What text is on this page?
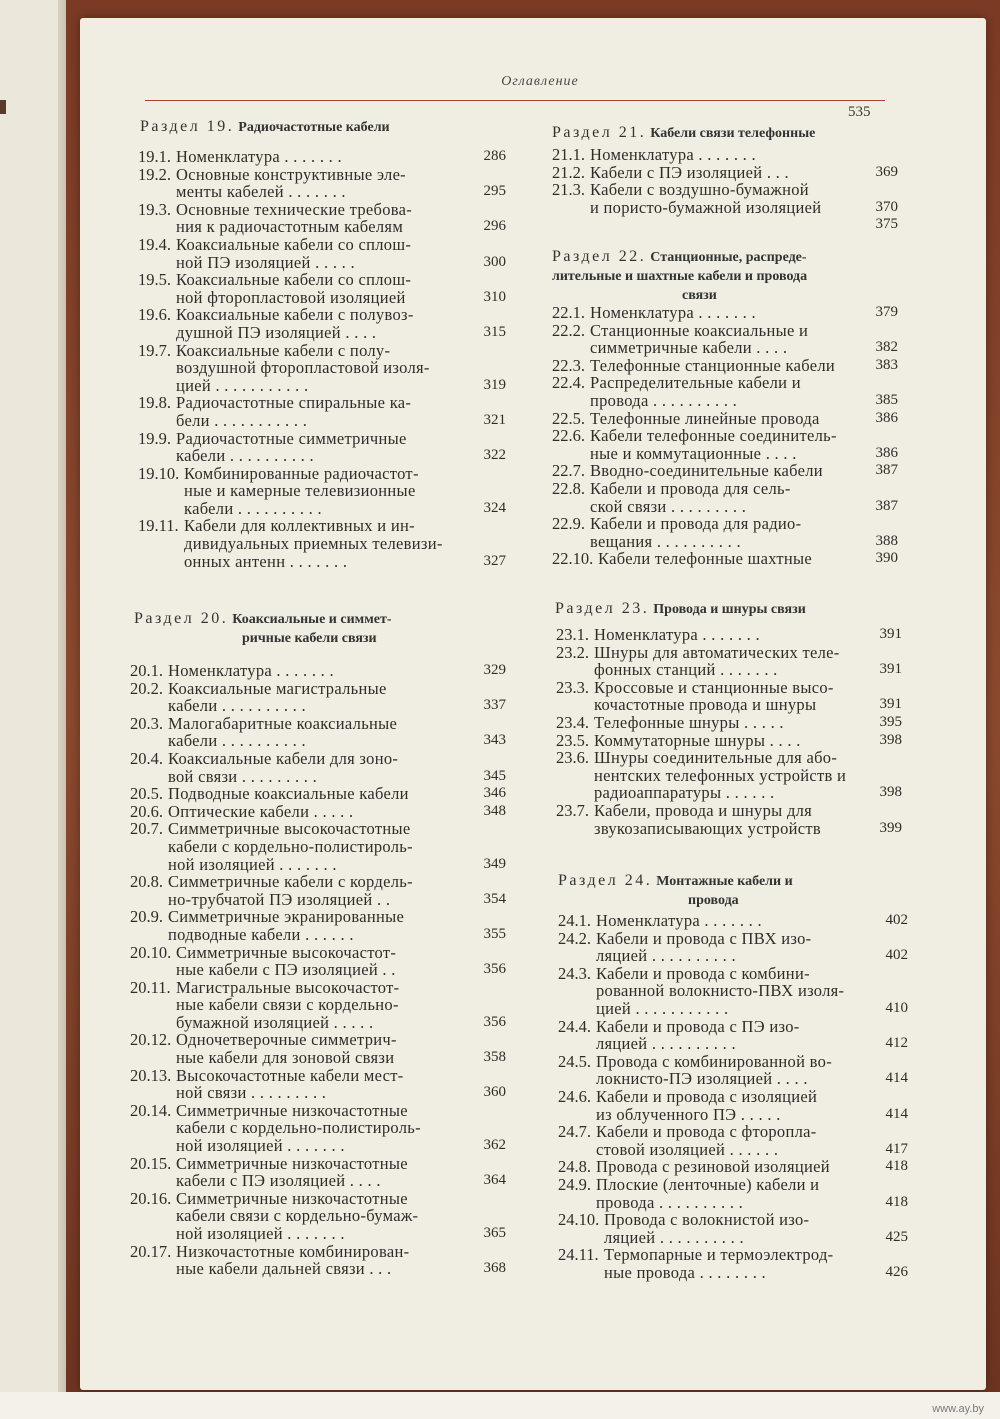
www.ay.by
Оглавление
535
Раздел 19. Радиочастотные кабели
Раздел 20. Коаксиальные и симмет-
ричные кабели связи
Раздел 21. Кабели связи телефонные
Раздел 22. Станционные, распреде-
лительные и шахтные кабели и провода
связи
Раздел 23. Провода и шнуры связи
Раздел 24. Монтажные кабели и
провода
19.1. Номенклатура . . . . . . .	286
19.2. Основные конструктивные эле-
менты кабелей . . . . . . .	295
19.3. Основные технические требова-
ния к радиочастотным кабелям	296
19.4. Коаксиальные кабели со сплош-
ной ПЭ изоляцией . . . . .	300
19.5. Коаксиальные кабели со сплош-
ной фторопластовой изоляцией	310
19.6. Коаксиальные кабели с полувоз-
душной ПЭ изоляцией . . . .	315
19.7. Коаксиальные кабели с полу-
воздушной фторопластовой изоля-
цией . . . . . . . . . . .	319
19.8. Радиочастотные спиральные ка-
бели . . . . . . . . . . .	321
19.9. Радиочастотные симметричные
кабели . . . . . . . . . .	322
19.10. Комбинированные радиочастот-
ные и камерные телевизионные
кабели . . . . . . . . . .	324
19.11. Кабели для коллективных и ин-
дивидуальных приемных телевизи-
онных антенн . . . . . . .	327
20.1. Номенклатура . . . . . . .	329
20.2. Коаксиальные магистральные
кабели . . . . . . . . . .	337
20.3. Малогабаритные коаксиальные
кабели . . . . . . . . . .	343
20.4. Коаксиальные кабели для зоно-
вой связи . . . . . . . . .	345
20.5. Подводные коаксиальные кабели	346
20.6. Оптические кабели . . . . .	348
20.7. Симметричные высокочастотные
кабели с кордельно-полистироль-
ной изоляцией . . . . . . .	349
20.8. Симметричные кабели с кордель-
но-трубчатой ПЭ изоляцией . .	354
20.9. Симметричные экранированные
подводные кабели . . . . . .	355
20.10. Симметричные высокочастот-
ные кабели с ПЭ изоляцией . .	356
20.11. Магистральные высокочастот-
ные кабели связи с кордельно-
бумажной изоляцией . . . . .	356
20.12. Одночетверочные симметрич-
ные кабели для зоновой связи	358
20.13. Высокочастотные кабели мест-
ной связи . . . . . . . . .	360
20.14. Симметричные низкочастотные
кабели с кордельно-полистироль-
ной изоляцией . . . . . . .	362
20.15. Симметричные низкочастотные
кабели с ПЭ изоляцией . . . .	364
20.16. Симметричные низкочастотные
кабели связи с кордельно-бумаж-
ной изоляцией . . . . . . .	365
20.17. Низкочастотные комбинирован-
ные кабели дальней связи . . .	368
21.1. Номенклатура . . . . . . .
21.2. Кабели с ПЭ изоляцией . . .	369
21.3. Кабели с воздушно-бумажной
и пористо-бумажной изоляцией	370
375
22.1. Номенклатура . . . . . . .	379
22.2. Станционные коаксиальные и
симметричные кабели . . . .	382
22.3. Телефонные станционные кабели	383
22.4. Распределительные кабели и
провода . . . . . . . . . .	385
22.5. Телефонные линейные провода	386
22.6. Кабели телефонные соединитель-
ные и коммутационные . . . .	386
22.7. Вводно-соединительные кабели	387
22.8. Кабели и провода для сель-
ской связи . . . . . . . . .	387
22.9. Кабели и провода для радио-
вещания . . . . . . . . . .	388
22.10. Кабели телефонные шахтные	390
23.1. Номенклатура . . . . . . .	391
23.2. Шнуры для автоматических теле-
фонных станций . . . . . . .	391
23.3. Кроссовые и станционные высо-
кочастотные провода и шнуры	391
23.4. Телефонные шнуры . . . . .	395
23.5. Коммутаторные шнуры . . . .	398
23.6. Шнуры соединительные для або-
нентских телефонных устройств и
радиоаппаратуры . . . . . .	398
23.7. Кабели, провода и шнуры для
звукозаписывающих устройств	399
24.1. Номенклатура . . . . . . .	402
24.2. Кабели и провода с ПВХ изо-
ляцией . . . . . . . . . .	402
24.3. Кабели и провода с комбини-
рованной волокнисто-ПВХ изоля-
цией . . . . . . . . . . .	410
24.4. Кабели и провода с ПЭ изо-
ляцией . . . . . . . . . .	412
24.5. Провода с комбинированной во-
локнисто-ПЭ изоляцией . . . .	414
24.6. Кабели и провода с изоляцией
из облученного ПЭ . . . . .	414
24.7. Кабели и провода с фторопла-
стовой изоляцией . . . . . .	417
24.8. Провода с резиновой изоляцией	418
24.9. Плоские (ленточные) кабели и
провода . . . . . . . . . .	418
24.10. Провода с волокнистой изо-
ляцией . . . . . . . . . .	425
24.11. Термопарные и термоэлектрод-
ные провода . . . . . . . .	426
